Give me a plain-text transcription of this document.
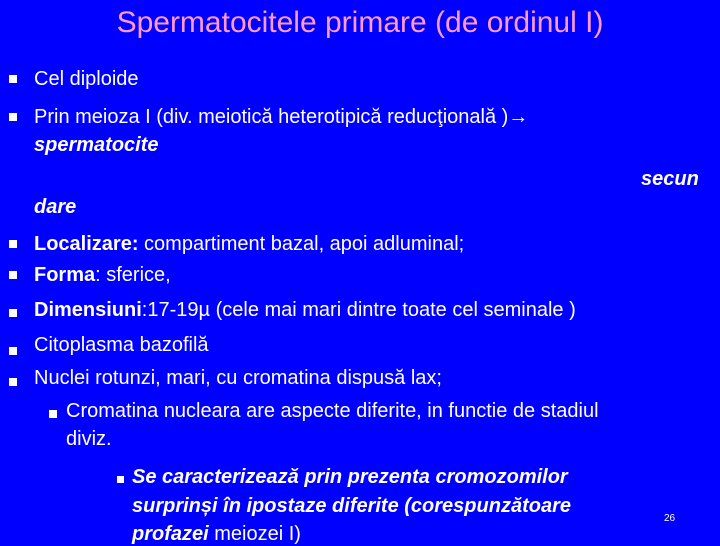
Spermatocitele primare (de ordinul I)
Cel diploide
Prin meioza I (div. meiotică heterotipică reducţională )→
spermatocite
secun
dare
Localizare: compartiment bazal, apoi adluminal;
Forma: sferice,
Dimensiuni:17-19µ (cele mai mari dintre toate cel seminale )
Citoplasma bazofilă
Nuclei rotunzi, mari, cu cromatina dispusă lax;
Cromatina nucleara are aspecte diferite, in functie de stadiul
diviz.
Se caracterizează prin prezenta cromozomilor
surprinși în ipostaze diferite (corespunzătoare
profazei meiozei I)
26
